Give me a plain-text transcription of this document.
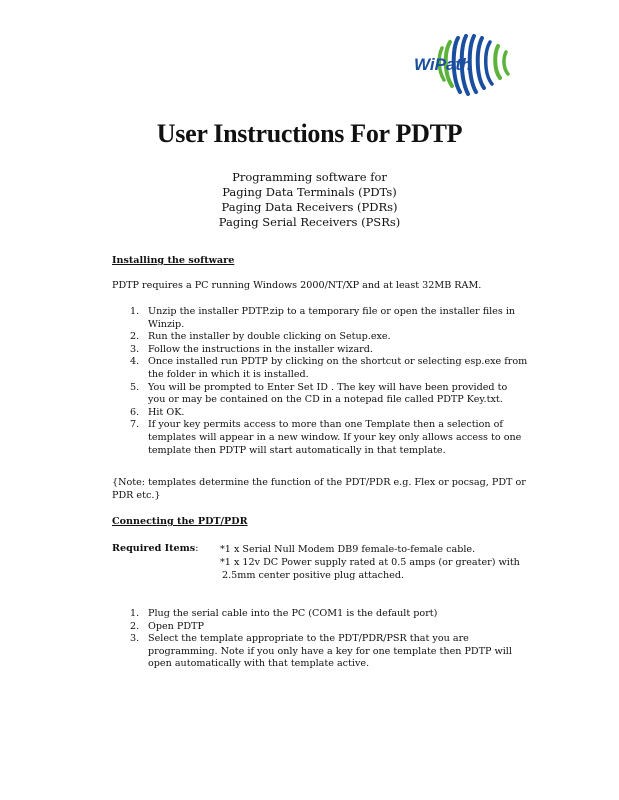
WiPath
User Instructions For PDTP
Programming software for
Paging Data Terminals (PDTs)
Paging Data Receivers (PDRs)
Paging Serial Receivers (PSRs)
Installing the software
PDTP requires a PC running Windows 2000/NT/XP and at least 32MB RAM.
1. Unzip the installer PDTP.zip to a temporary file or open the installer files in
Winzip.
2. Run the installer by double clicking on Setup.exe.
3. Follow the instructions in the installer wizard.
4. Once installed run PDTP by clicking on the shortcut or selecting esp.exe from
the folder in which it is installed.
5. You will be prompted to Enter Set ID . The key will have been provided to
you or may be contained on the CD in a notepad file called PDTP Key.txt.
6. Hit OK.
7. If your key permits access to more than one Template then a selection of
templates will appear in a new window. If your key only allows access to one
template then PDTP will start automatically in that template.
{Note: templates determine the function of the PDT/PDR e.g. Flex or pocsag, PDT or
PDR etc.}
Connecting the PDT/PDR
Required Items: *1 x Serial Null Modem DB9 female-to-female cable.
*1 x 12v DC Power supply rated at 0.5 amps (or greater) with
2.5mm center positive plug attached.
1. Plug the serial cable into the PC (COM1 is the default port)
2. Open PDTP
3. Select the template appropriate to the PDT/PDR/PSR that you are
programming. Note if you only have a key for one template then PDTP will
open automatically with that template active.
